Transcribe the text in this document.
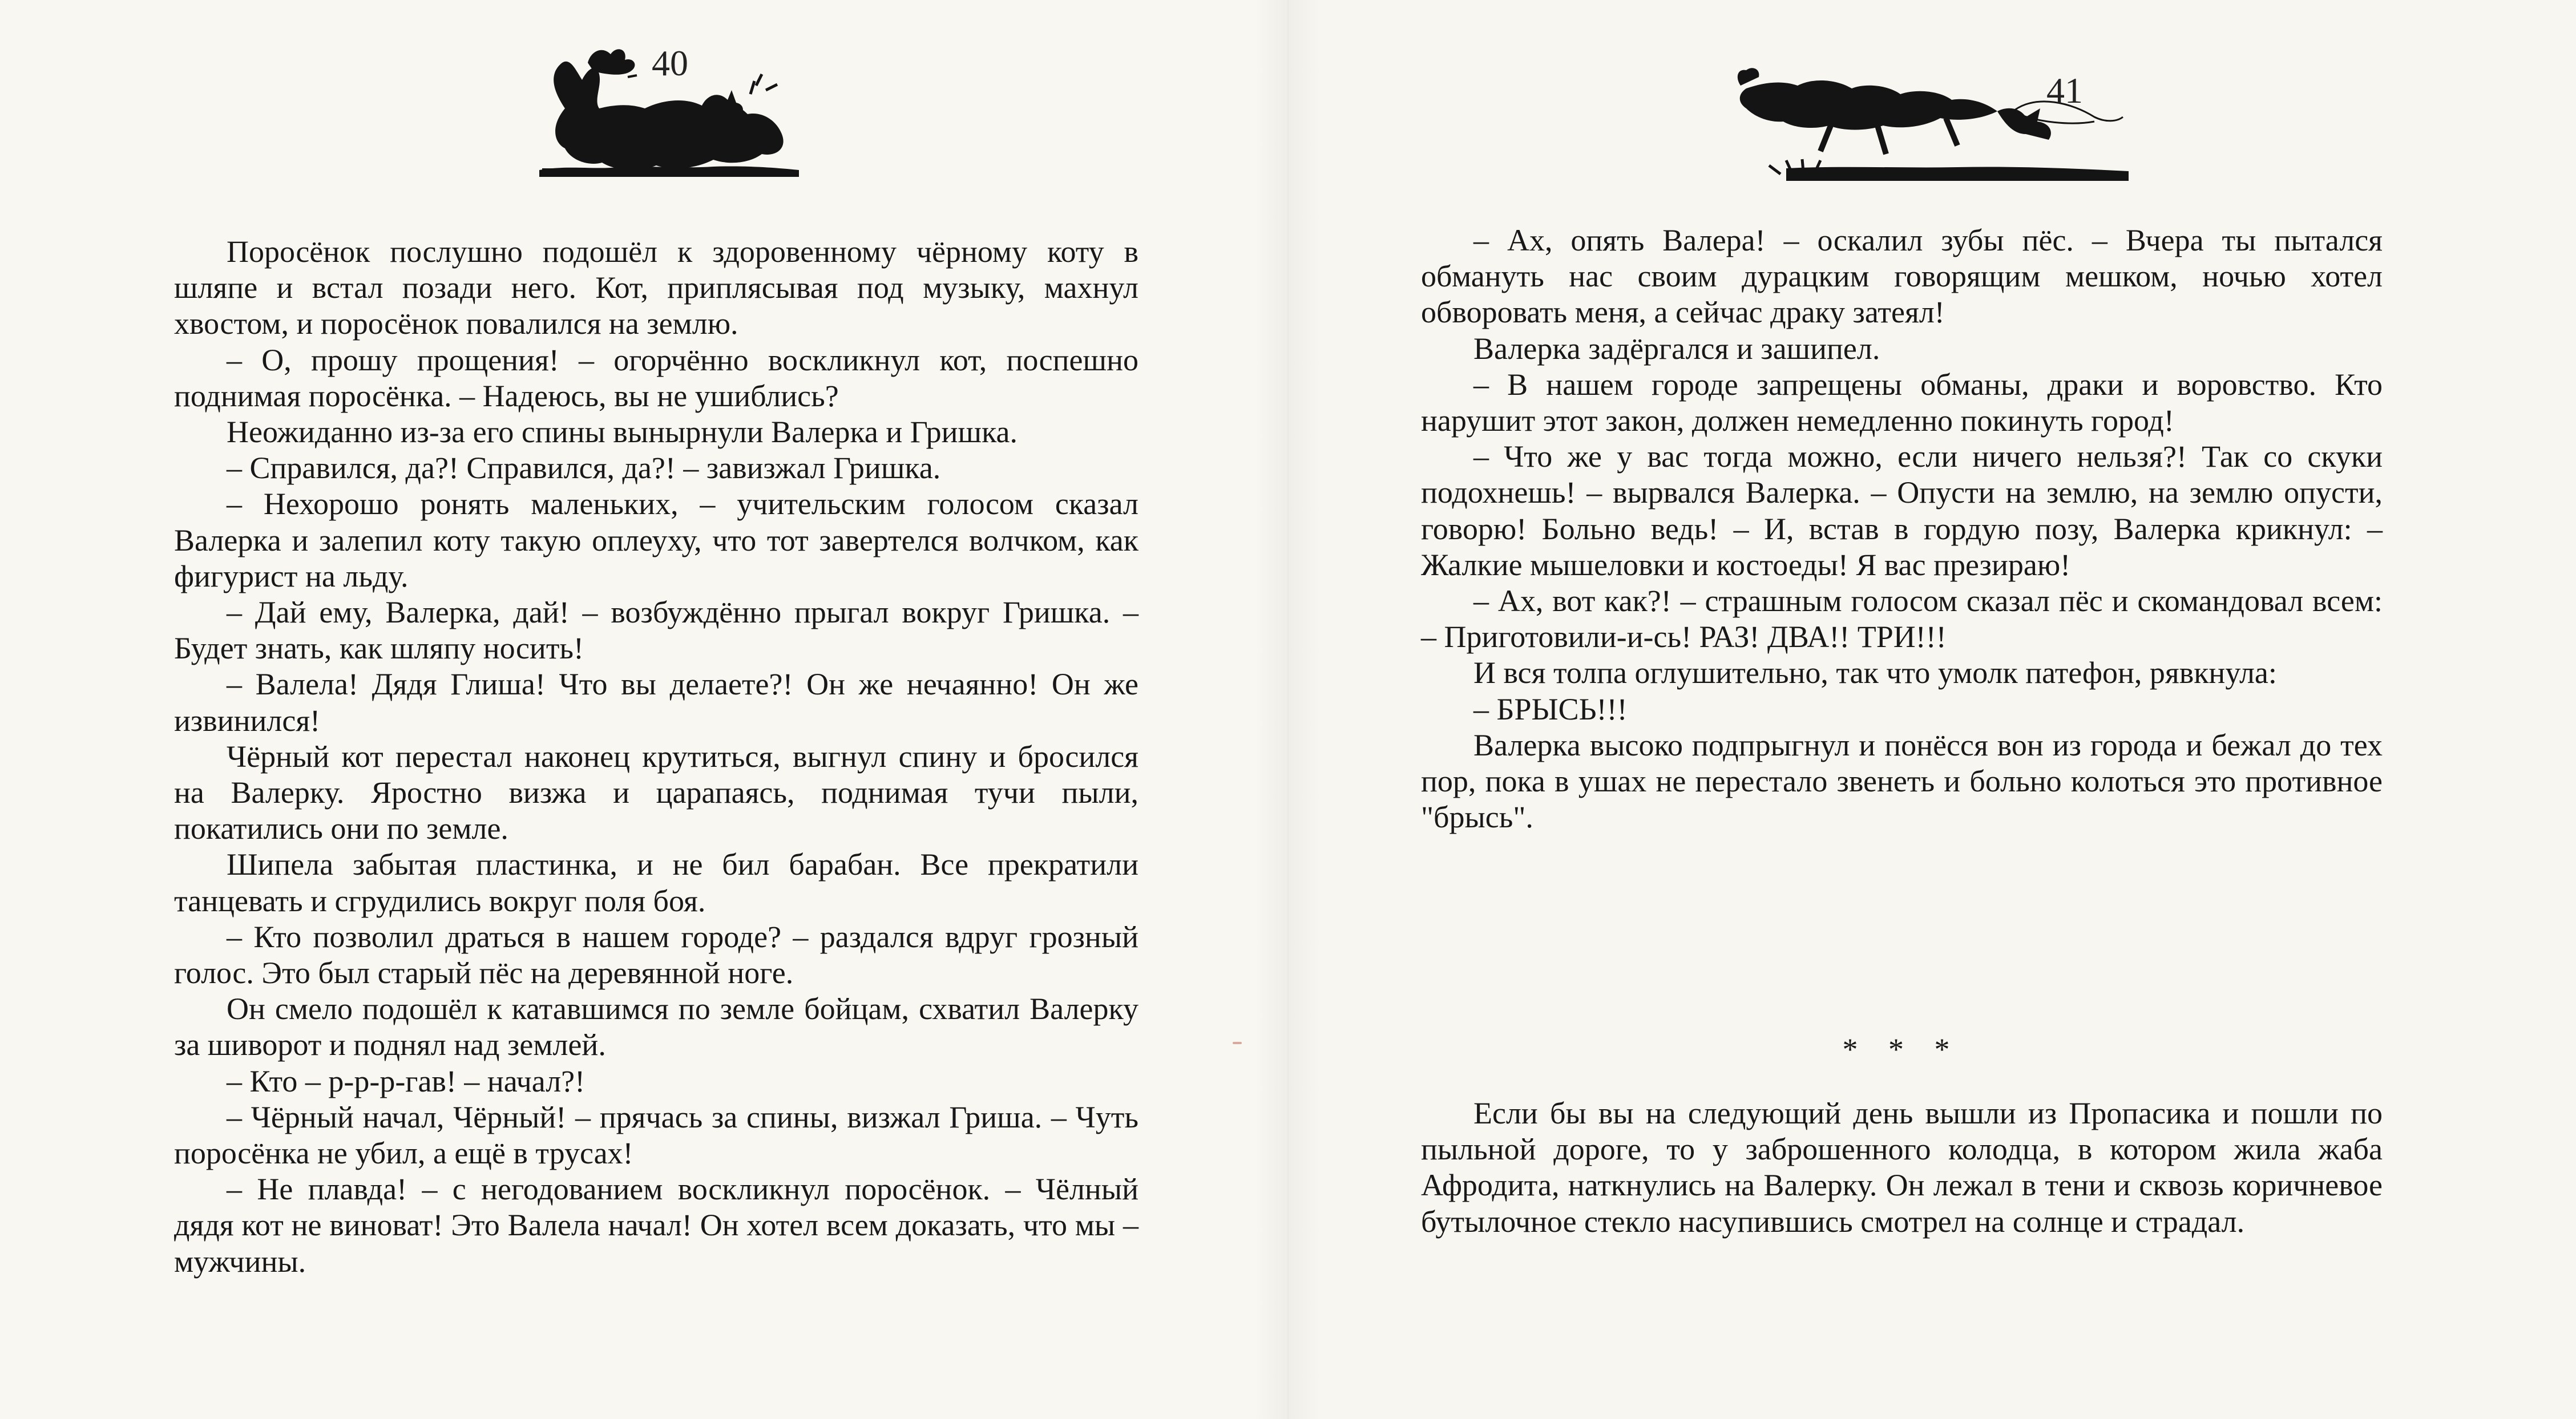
40

Поросёнок послушно подошёл к здоровенному чёрному коту в шляпе и встал позади него. Кот, приплясывая под музыку, махнул хвостом, и поросёнок повалился на землю.

– О, прошу прощения! – огорчённо воскликнул кот, поспешно поднимая поросёнка. – Надеюсь, вы не ушиблись?

Неожиданно из-за его спины вынырнули Валерка и Гришка.

– Справился, да?! Справился, да?! – завизжал Гришка.

– Нехорошо ронять маленьких, – учительским голосом сказал Валерка и залепил коту такую оплеуху, что тот завертелся волчком, как фигурист на льду.

– Дай ему, Валерка, дай! – возбуждённо прыгал вокруг Гришка. – Будет знать, как шляпу носить!

– Валела! Дядя Глиша! Что вы делаете?! Он же нечаянно! Он же извинился!

Чёрный кот перестал наконец крутиться, выгнул спину и бросился на Валерку. Яростно визжа и царапаясь, поднимая тучи пыли, покатились они по земле.

Шипела забытая пластинка, и не бил барабан. Все прекратили танцевать и сгрудились вокруг поля боя.

– Кто позволил драться в нашем городе? – раздался вдруг грозный голос. Это был старый пёс на деревянной ноге.

Он смело подошёл к катавшимся по земле бойцам, схватил Валерку за шиворот и поднял над землей.

– Кто – р-р-р-гав! – начал?!

– Чёрный начал, Чёрный! – прячась за спины, визжал Гриша. – Чуть поросёнка не убил, а ещё в трусах!

– Не плавда! – с негодованием воскликнул поросёнок. – Чёлный дядя кот не виноват! Это Валела начал! Он хотел всем доказать, что мы – мужчины.

41

– Ах, опять Валера! – оскалил зубы пёс. – Вчера ты пытался обмануть нас своим дурацким говорящим мешком, ночью хотел обворовать меня, а сейчас драку затеял!

Валерка задёргался и зашипел.

– В нашем городе запрещены обманы, драки и воровство. Кто нарушит этот закон, должен немедленно покинуть город!

– Что же у вас тогда можно, если ничего нельзя?! Так со скуки подохнешь! – вырвался Валерка. – Опусти на землю, на землю опусти, говорю! Больно ведь! – И, встав в гордую позу, Валерка крикнул: – Жалкие мышеловки и костоеды! Я вас презираю!

– Ах, вот как?! – страшным голосом сказал пёс и скомандовал всем: – Приготовили-и-сь! РАЗ! ДВА!! ТРИ!!!

И вся толпа оглушительно, так что умолк патефон, рявкнула:

– БРЫСЬ!!!

Валерка высоко подпрыгнул и понёсся вон из города и бежал до тех пор, пока в ушах не перестало звенеть и больно колоться это противное "брысь".

* * *

Если бы вы на следующий день вышли из Пропасика и пошли по пыльной дороге, то у заброшенного колодца, в котором жила жаба Афродита, наткнулись на Валерку. Он лежал в тени и сквозь коричневое бутылочное стекло насупившись смотрел на солнце и страдал.
